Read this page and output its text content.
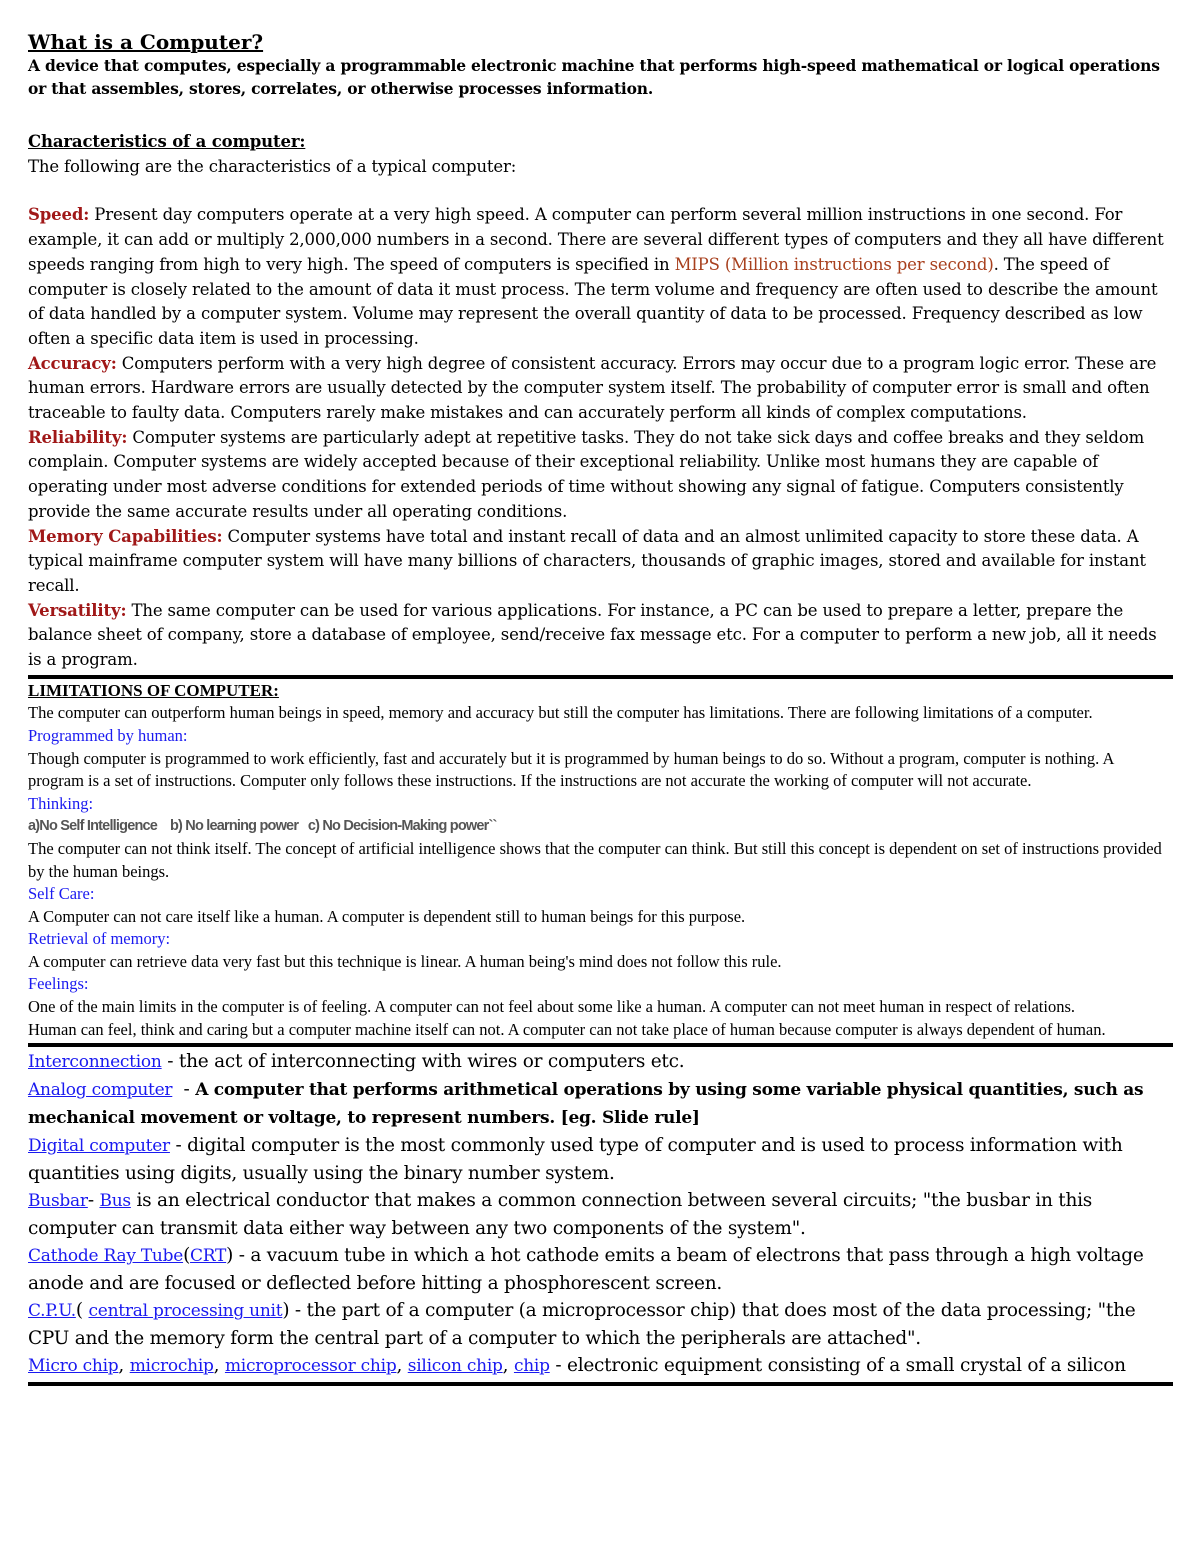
What is a Computer?
A device that computes, especially a programmable electronic machine that performs high-speed mathematical or logical operations or that assembles, stores, correlates, or otherwise processes information.
Characteristics of a computer:
The following are the characteristics of a typical computer:

Speed: Present day computers operate at a very high speed. A computer can perform several million instructions in one second. For example, it can add or multiply 2,000,000 numbers in a second. There are several different types of computers and they all have different speeds ranging from high to very high. The speed of computers is specified in MIPS (Million instructions per second). The speed of computer is closely related to the amount of data it must process. The term volume and frequency are often used to describe the amount of data handled by a computer system. Volume may represent the overall quantity of data to be processed. Frequency described as low often a specific data item is used in processing.

Accuracy: Computers perform with a very high degree of consistent accuracy. Errors may occur due to a program logic error. These are human errors. Hardware errors are usually detected by the computer system itself. The probability of computer error is small and often traceable to faulty data. Computers rarely make mistakes and can accurately perform all kinds of complex computations.

Reliability: Computer systems are particularly adept at repetitive tasks. They do not take sick days and coffee breaks and they seldom complain. Computer systems are widely accepted because of their exceptional reliability. Unlike most humans they are capable of operating under most adverse conditions for extended periods of time without showing any signal of fatigue. Computers consistently provide the same accurate results under all operating conditions.

Memory Capabilities: Computer systems have total and instant recall of data and an almost unlimited capacity to store these data. A typical mainframe computer system will have many billions of characters, thousands of graphic images, stored and available for instant recall.

Versatility: The same computer can be used for various applications. For instance, a PC can be used to prepare a letter, prepare the balance sheet of company, store a database of employee, send/receive fax message etc. For a computer to perform a new job, all it needs is a program.

LIMITATIONS OF COMPUTER:
The computer can outperform human beings in speed, memory and accuracy but still the computer has limitations. There are following limitations of a computer.
Programmed by human:
Though computer is programmed to work efficiently, fast and accurately but it is programmed by human beings to do so. Without a program, computer is nothing. A program is a set of instructions. Computer only follows these instructions. If the instructions are not accurate the working of computer will not accurate.
Thinking:
a)No Self Intelligence    b) No learning power   c) No Decision-Making power``
The computer can not think itself. The concept of artificial intelligence shows that the computer can think. But still this concept is dependent on set of instructions provided by the human beings.
Self Care:
A Computer can not care itself like a human. A computer is dependent still to human beings for this purpose.
Retrieval of memory:
A computer can retrieve data very fast but this technique is linear. A human being's mind does not follow this rule.
Feelings:
One of the main limits in the computer is of feeling. A computer can not feel about some like a human. A computer can not meet human in respect of relations.
Human can feel, think and caring but a computer machine itself can not. A computer can not take place of human because computer is always dependent of human.

Interconnection - the act of interconnecting with wires or computers etc.

Analog computer  - A computer that performs arithmetical operations by using some variable physical quantities, such as mechanical movement or voltage, to represent numbers. [eg. Slide rule]

Digital computer - digital computer is the most commonly used type of computer and is used to process information with quantities using digits, usually using the binary number system.

Busbar- Bus is an electrical conductor that makes a common connection between several circuits; "the busbar in this computer can transmit data either way between any two components of the system".

Cathode Ray Tube(CRT) - a vacuum tube in which a hot cathode emits a beam of electrons that pass through a high voltage anode and are focused or deflected before hitting a phosphorescent screen.

C.P.U.( central processing unit) - the part of a computer (a microprocessor chip) that does most of the data processing; "the CPU and the memory form the central part of a computer to which the peripherals are attached".

Micro chip, microchip, microprocessor chip, silicon chip, chip - electronic equipment consisting of a small crystal of a silicon
